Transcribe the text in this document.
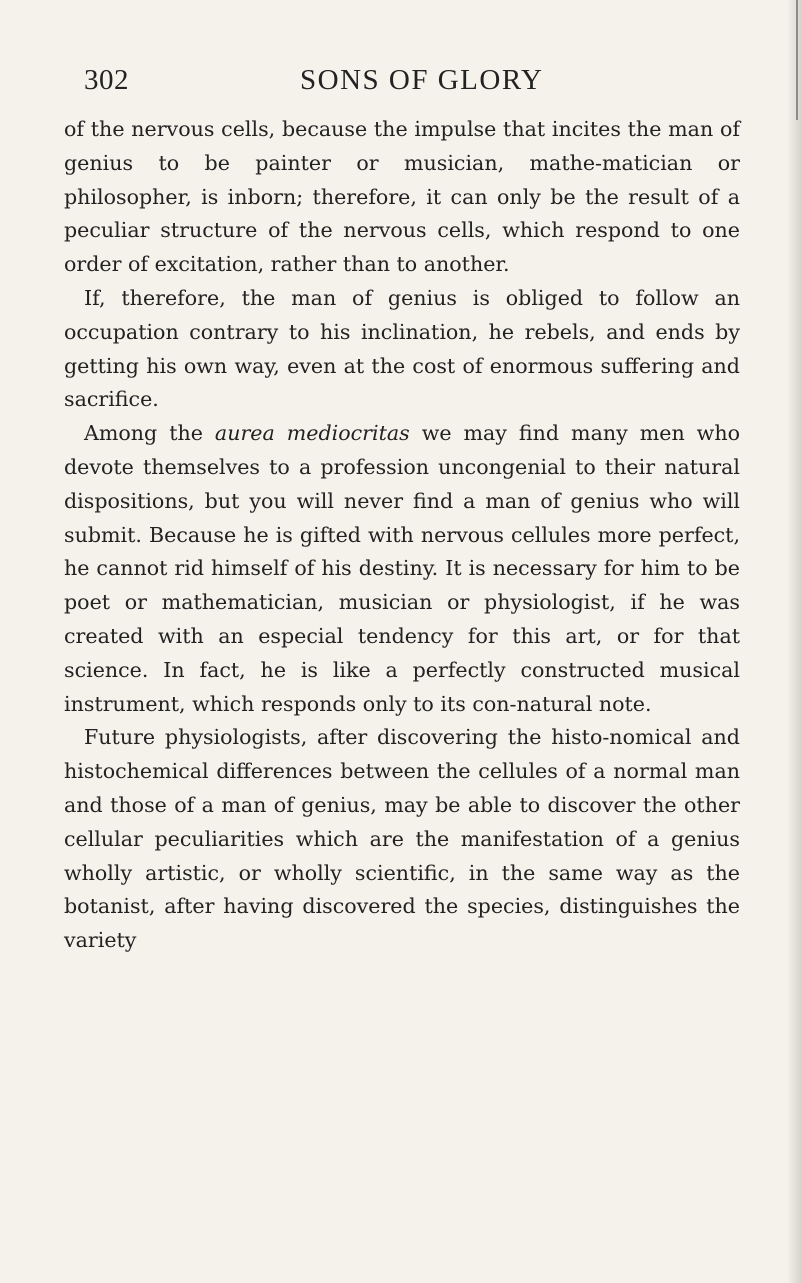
302	SONS OF GLORY

of the nervous cells, because the impulse that incites the man of genius to be painter or musician, mathe-matician or philosopher, is inborn; therefore, it can only be the result of a peculiar structure of the nervous cells, which respond to one order of excitation, rather than to another.

If, therefore, the man of genius is obliged to follow an occupation contrary to his inclination, he rebels, and ends by getting his own way, even at the cost of enormous suffering and sacrifice.

Among the aurea mediocritas we may find many men who devote themselves to a profession uncongenial to their natural dispositions, but you will never find a man of genius who will submit. Because he is gifted with nervous cellules more perfect, he cannot rid himself of his destiny. It is necessary for him to be poet or mathematician, musician or physiologist, if he was created with an especial tendency for this art, or for that science. In fact, he is like a perfectly constructed musical instrument, which responds only to its con-natural note.

Future physiologists, after discovering the histo-nomical and histochemical differences between the cellules of a normal man and those of a man of genius, may be able to discover the other cellular peculiarities which are the manifestation of a genius wholly artistic, or wholly scientific, in the same way as the botanist, after having discovered the species, distinguishes the variety
